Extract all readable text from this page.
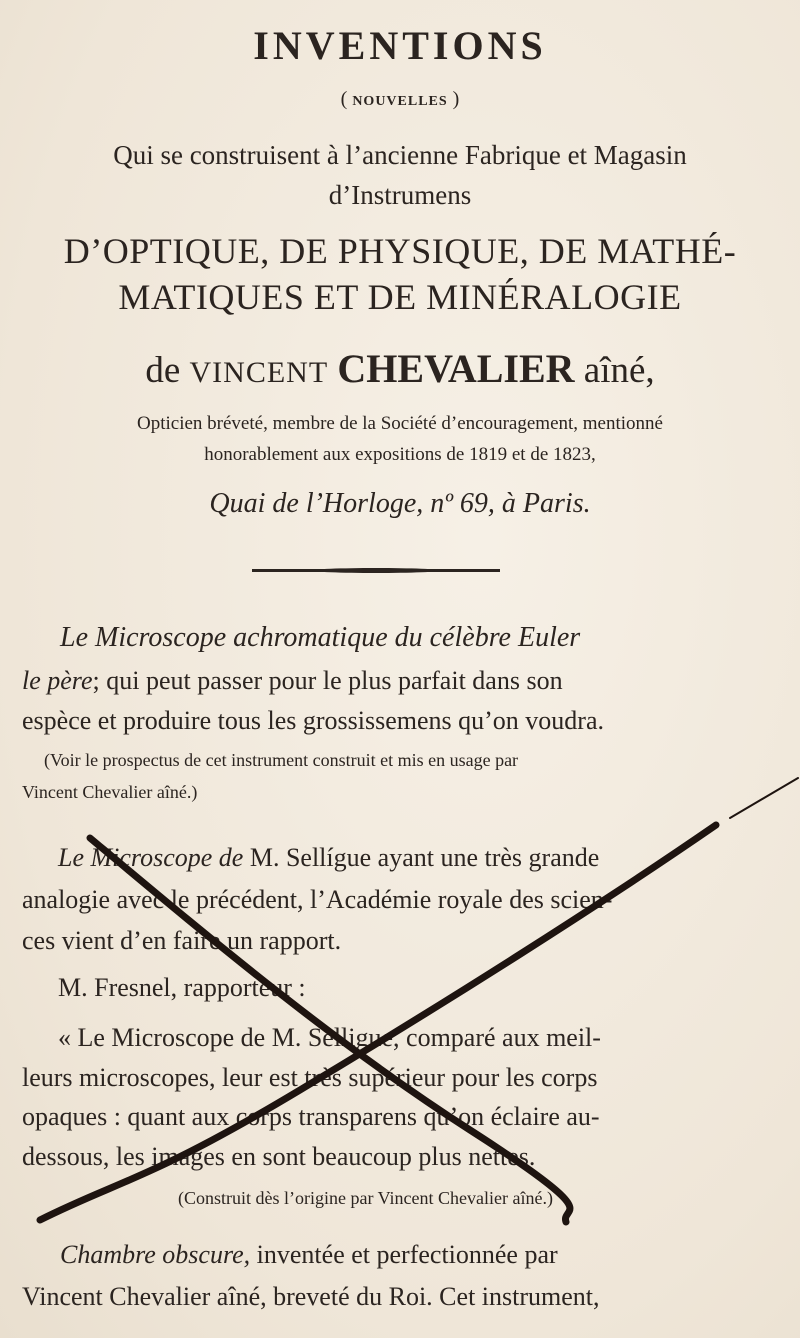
INVENTIONS
( NOUVELLES )
Qui se construisent à l’ancienne Fabrique et Magasin
d’Instrumens
D’OPTIQUE, DE PHYSIQUE, DE MATHÉ-
MATIQUES ET DE MINÉRALOGIE
de VINCENT CHEVALIER aîné,
Opticien bréveté, membre de la Société d’encouragement, mentionné
honorablement aux expositions de 1819 et de 1823,
Quai de l’Horloge, nº 69, à Paris.
Le Microscope achromatique du célèbre Euler
le père; qui peut passer pour le plus parfait dans son
espèce et produire tous les grossissemens qu’on voudra.
(Voir le prospectus de cet instrument construit et mis en usage par
Vincent Chevalier aîné.)
Le Microscope de M. Sellígue ayant une très grande
analogie avec le précédent, l’Académie royale des scien-
ces vient d’en faire un rapport.
M. Fresnel, rapporteur :
« Le Microscope de M. Selligue, comparé aux meil-
leurs microscopes, leur est très supérieur pour les corps
opaques : quant aux corps transparens qu’on éclaire au-
dessous, les images en sont beaucoup plus nettes.
(Construit dès l’origine par Vincent Chevalier aîné.)
Chambre obscure, inventée et perfectionnée par
Vincent Chevalier aîné, breveté du Roi. Cet instrument,
